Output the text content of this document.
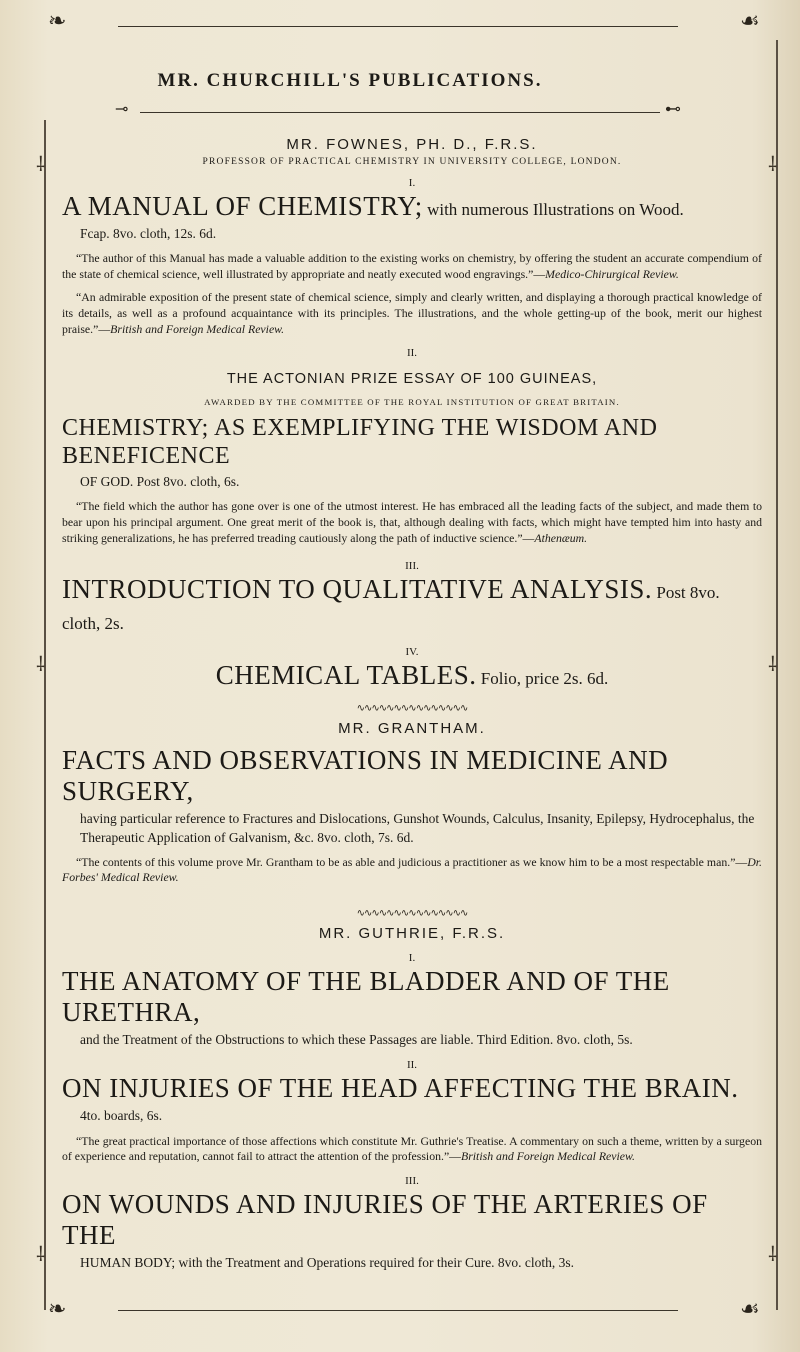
❧	☙
⊸	⊷
❧	☙
⸸
⸸
⸸
⸸
⸸
⸸
MR. CHURCHILL'S PUBLICATIONS.

MR. FOWNES, PH. D., F.R.S.

PROFESSOR OF PRACTICAL CHEMISTRY IN UNIVERSITY COLLEGE, LONDON.

I.

A MANUAL OF CHEMISTRY; with numerous Illustrations on Wood.

Fcap. 8vo. cloth, 12s. 6d.

“The author of this Manual has made a valuable addition to the existing works on chemistry, by offering the student an accurate compendium of the state of chemical science, well illustrated by appropriate and neatly executed wood engravings.”—Medico-Chirurgical Review.

“An admirable exposition of the present state of chemical science, simply and clearly written, and displaying a thorough practical knowledge of its details, as well as a profound acquaintance with its principles. The illustrations, and the whole getting-up of the book, merit our highest praise.”—British and Foreign Medical Review.

II.

THE ACTONIAN PRIZE ESSAY OF 100 GUINEAS,

AWARDED BY THE COMMITTEE OF THE ROYAL INSTITUTION OF GREAT BRITAIN.

CHEMISTRY; AS EXEMPLIFYING THE WISDOM AND BENEFICENCE

OF GOD. Post 8vo. cloth, 6s.

“The field which the author has gone over is one of the utmost interest. He has embraced all the leading facts of the subject, and made them to bear upon his principal argument. One great merit of the book is, that, although dealing with facts, which might have tempted him into hasty and striking generalizations, he has preferred treading cautiously along the path of inductive science.”—Athenæum.

III.

INTRODUCTION TO QUALITATIVE ANALYSIS. Post 8vo. cloth, 2s.

IV.

CHEMICAL TABLES. Folio, price 2s. 6d.

∿∿∿∿∿∿∿∿∿∿∿∿∿∿∿

MR. GRANTHAM.

FACTS AND OBSERVATIONS IN MEDICINE AND SURGERY,

having particular reference to Fractures and Dislocations, Gunshot Wounds, Calculus, Insanity, Epilepsy, Hydrocephalus, the Therapeutic Application of Galvanism, &c. 8vo. cloth, 7s. 6d.

“The contents of this volume prove Mr. Grantham to be as able and judicious a practitioner as we know him to be a most respectable man.”—Dr. Forbes' Medical Review.

∿∿∿∿∿∿∿∿∿∿∿∿∿∿∿

MR. GUTHRIE, F.R.S.

I.

THE ANATOMY OF THE BLADDER AND OF THE URETHRA,

and the Treatment of the Obstructions to which these Passages are liable. Third Edition. 8vo. cloth, 5s.

II.

ON INJURIES OF THE HEAD AFFECTING THE BRAIN.

4to. boards, 6s.

“The great practical importance of those affections which constitute Mr. Guthrie's Treatise. A commentary on such a theme, written by a surgeon of experience and reputation, cannot fail to attract the attention of the profession.”—British and Foreign Medical Review.

III.

ON WOUNDS AND INJURIES OF THE ARTERIES OF THE

HUMAN BODY; with the Treatment and Operations required for their Cure. 8vo. cloth, 3s.
